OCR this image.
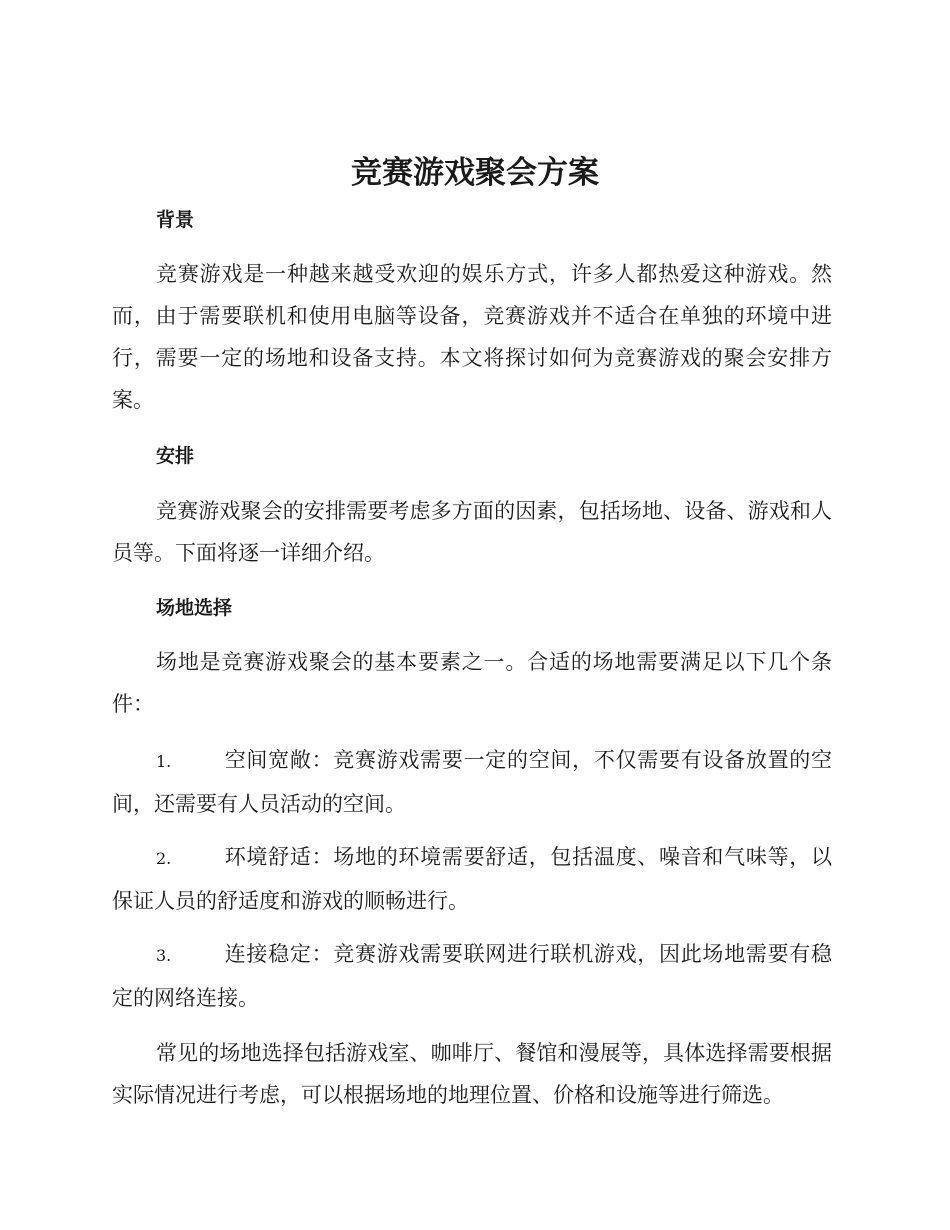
竞赛游戏聚会方案
背景

竞赛游戏是一种越来越受欢迎的娱乐方式，许多人都热爱这种游戏。然而，由于需要联机和使用电脑等设备，竞赛游戏并不适合在单独的环境中进行，需要一定的场地和设备支持。本文将探讨如何为竞赛游戏的聚会安排方案。

安排

竞赛游戏聚会的安排需要考虑多方面的因素，包括场地、设备、游戏和人员等。下面将逐一详细介绍。

场地选择

场地是竞赛游戏聚会的基本要素之一。合适的场地需要满足以下几个条件：

1.	空间宽敞：竞赛游戏需要一定的空间，不仅需要有设备放置的空间，还需要有人员活动的空间。

2.	环境舒适：场地的环境需要舒适，包括温度、噪音和气味等，以保证人员的舒适度和游戏的顺畅进行。

3.	连接稳定：竞赛游戏需要联网进行联机游戏，因此场地需要有稳定的网络连接。

常见的场地选择包括游戏室、咖啡厅、餐馆和漫展等，具体选择需要根据实际情况进行考虑，可以根据场地的地理位置、价格和设施等进行筛选。
